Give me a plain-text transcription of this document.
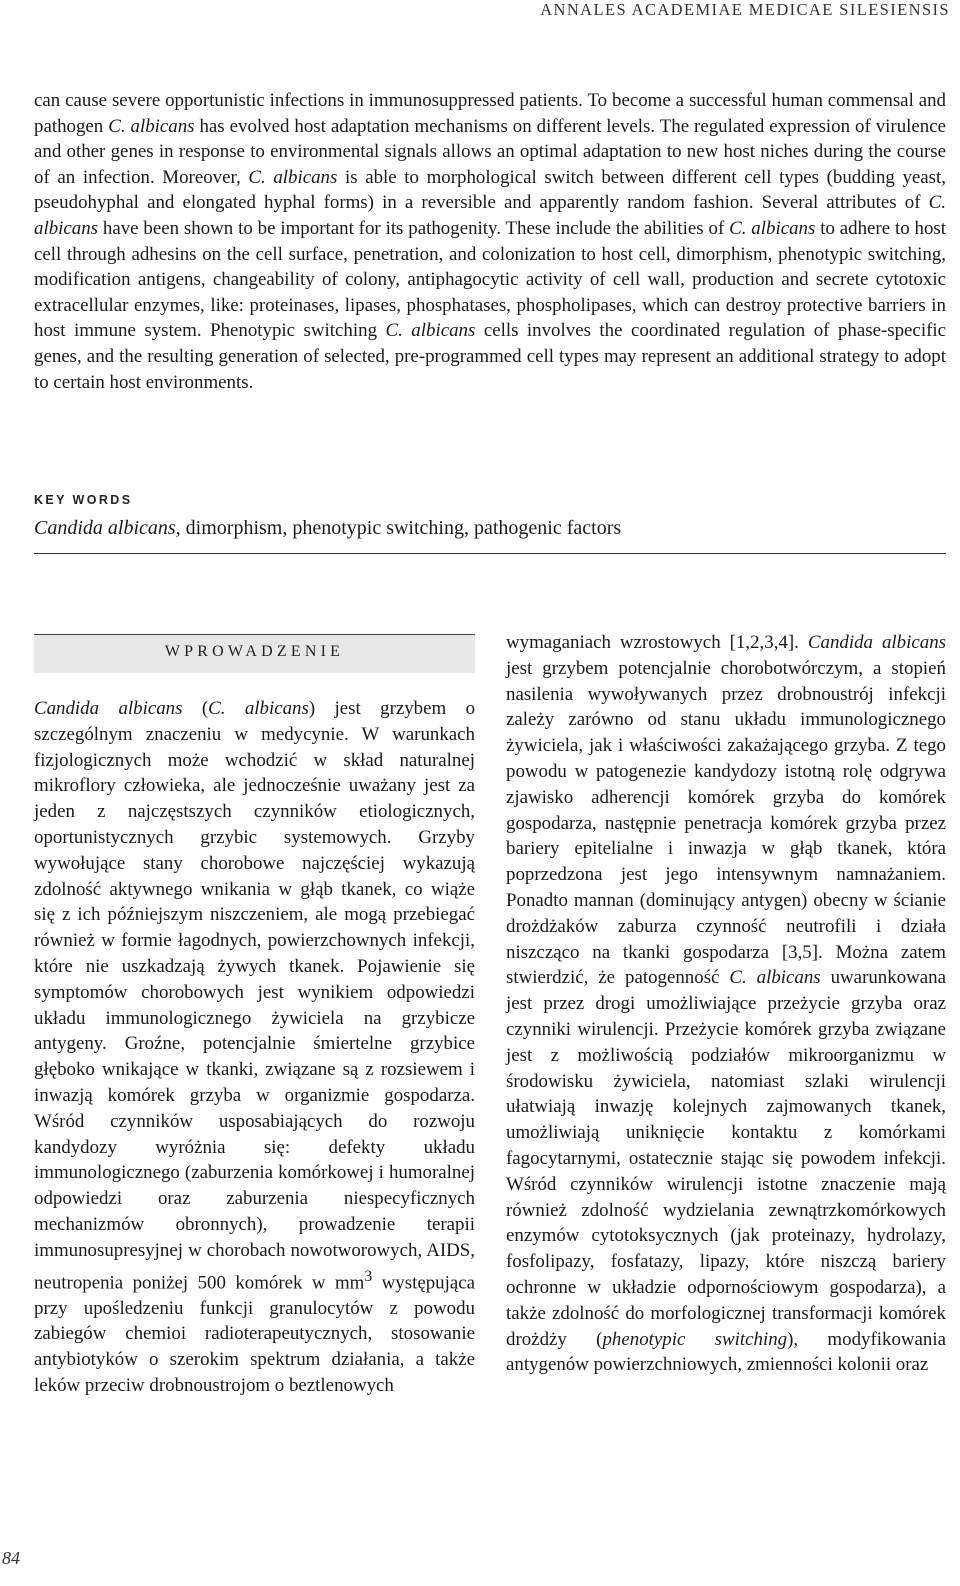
ANNALES ACADEMIAE MEDICAE SILESIENSIS
can cause severe opportunistic infections in immunosuppressed patients. To become a successful human commensal and pathogen C. albicans has evolved host adaptation mechanisms on different levels. The regulated expression of virulence and other genes in response to environmental signals allows an optimal adaptation to new host niches during the course of an infection. Moreover, C. albicans is able to morphological switch between different cell types (budding yeast, pseudohyphal and elongated hyphal forms) in a reversible and apparently random fashion. Several attributes of C. albicans have been shown to be important for its pathogenity. These include the abilities of C. albicans to adhere to host cell through adhesins on the cell surface, penetration, and colonization to host cell, dimorphism, phenotypic switching, modification antigens, changeability of colony, antiphagocytic activity of cell wall, production and secrete cytotoxic extracellular enzymes, like: proteinases, lipases, phosphatases, phospholipases, which can destroy protective barriers in host immune system. Phenotypic switching C. albicans cells involves the coordinated regulation of phase-specific genes, and the resulting generation of selected, pre-programmed cell types may represent an additional strategy to adopt to certain host environments.
KEY WORDS
Candida albicans, dimorphism, phenotypic switching, pathogenic factors
WPROWADZENIE
Candida albicans (C. albicans) jest grzybem o szczególnym znaczeniu w medycynie. W warunkach fizjologicznych może wchodzić w skład naturalnej mikroflory człowieka, ale jednocześnie uważany jest za jeden z najczęstszych czynników etiologicznych, oportunistycznych grzybic systemowych. Grzyby wywołujące stany chorobowe najczęściej wykazują zdolność aktywnego wnikania w głąb tkanek, co wiąże się z ich późniejszym niszczeniem, ale mogą przebiegać również w formie łagodnych, powierzchownych infekcji, które nie uszkadzają żywych tkanek. Pojawienie się symptomów chorobowych jest wynikiem odpowiedzi układu immunologicznego żywiciela na grzybicze antygeny. Groźne, potencjalnie śmiertelne grzybice głęboko wnikające w tkanki, związane są z rozsiewem i inwazją komórek grzyba w organizmie gospodarza. Wśród czynników usposabiających do rozwoju kandydozy wyróżnia się: defekty układu immunologicznego (zaburzenia komórkowej i humoralnej odpowiedzi oraz zaburzenia niespecyficznych mechanizmów obronnych), prowadzenie terapii immunosupresyjnej w chorobach nowotworowych, AIDS, neutropenia poniżej 500 komórek w $mm^3$ występująca przy upośledzeniu funkcji granulocytów z powodu zabiegów chemioi radioterapeutycznych, stosowanie antybiotyków o szerokim spektrum działania, a także leków przeciw drobnoustrojom o beztlenowych
wymaganiach wzrostowych [1,2,3,4]. Candida albicans jest grzybem potencjalnie chorobotwórczym, a stopień nasilenia wywoływanych przez drobnoustrój infekcji zależy zarówno od stanu układu immunologicznego żywiciela, jak i właściwości zakażającego grzyba. Z tego powodu w patogenezie kandydozy istotną rolę odgrywa zjawisko adherencji komórek grzyba do komórek gospodarza, następnie penetracja komórek grzyba przez bariery epitelialne i inwazja w głąb tkanek, która poprzedzona jest jego intensywnym namnażaniem. Ponadto mannan (dominujący antygen) obecny w ścianie drożdżaków zaburza czynność neutrofili i działa niszcząco na tkanki gospodarza [3,5]. Można zatem stwierdzić, że patogenność C. albicans uwarunkowana jest przez drogi umożliwiające przeżycie grzyba oraz czynniki wirulencji. Przeżycie komórek grzyba związane jest z możliwością podziałów mikroorganizmu w środowisku żywiciela, natomiast szlaki wirulencji ułatwiają inwazję kolejnych zajmowanych tkanek, umożliwiają uniknięcie kontaktu z komórkami fagocytarnymi, ostatecznie stając się powodem infekcji. Wśród czynników wirulencji istotne znaczenie mają również zdolność wydzielania zewnątrzkomórkowych enzymów cytotoksycznych (jak proteinazy, hydrolazy, fosfolipazy, fosfatazy, lipazy, które niszczą bariery ochronne w układzie odpornościowym gospodarza), a także zdolność do morfologicznej transformacji komórek drożdży (phenotypic switching), modyfikowania antygenów powierzchniowych, zmienności kolonii oraz
84
